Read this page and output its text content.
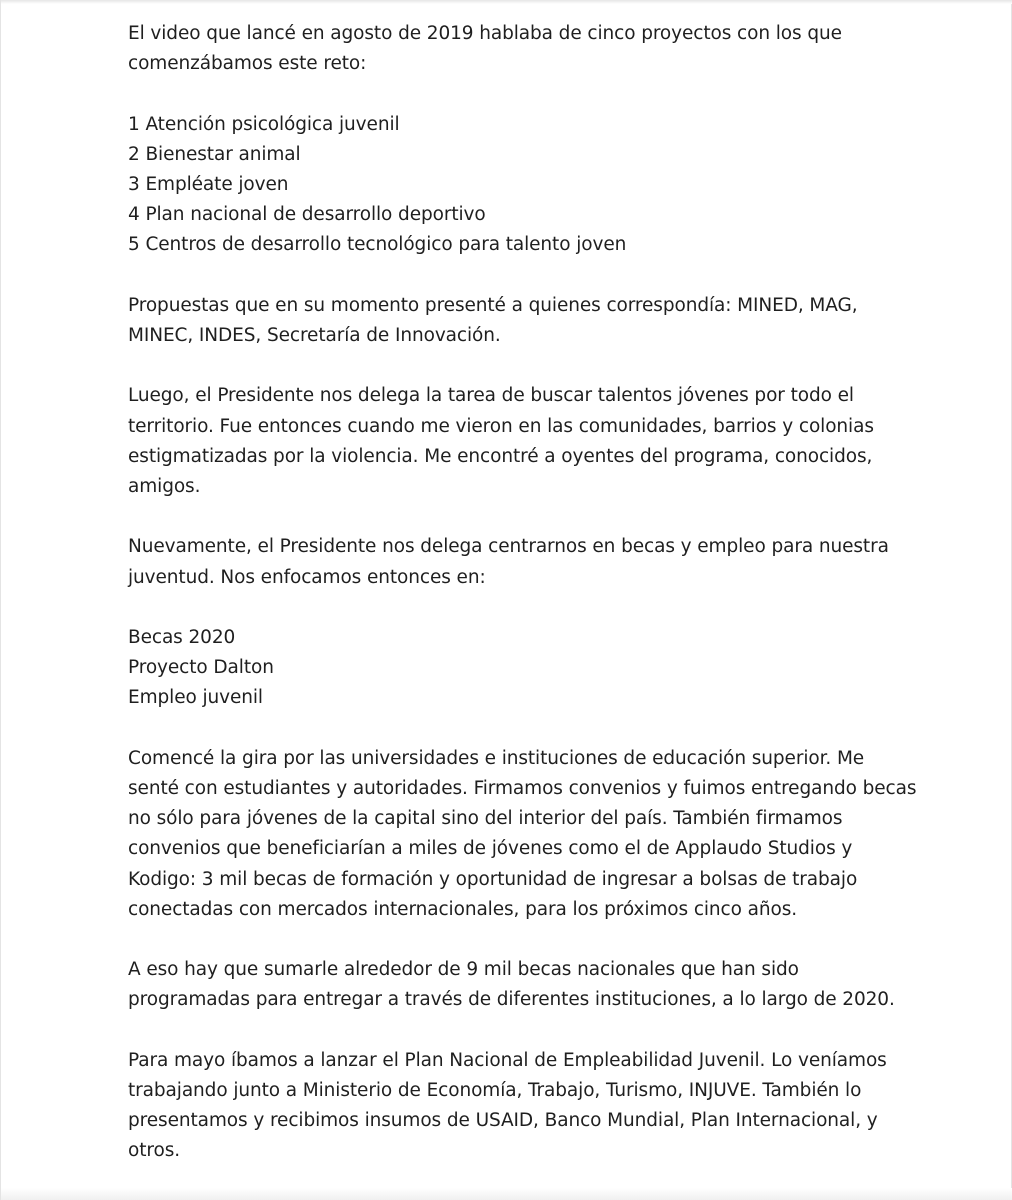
El video que lancé en agosto de 2019 hablaba de cinco proyectos con los que
comenzábamos este reto:

1 Atención psicológica juvenil
2 Bienestar animal
3 Empléate joven
4 Plan nacional de desarrollo deportivo
5 Centros de desarrollo tecnológico para talento joven

Propuestas que en su momento presenté a quienes correspondía: MINED, MAG,
MINEC, INDES, Secretaría de Innovación.

Luego, el Presidente nos delega la tarea de buscar talentos jóvenes por todo el
territorio. Fue entonces cuando me vieron en las comunidades, barrios y colonias
estigmatizadas por la violencia. Me encontré a oyentes del programa, conocidos,
amigos.

Nuevamente, el Presidente nos delega centrarnos en becas y empleo para nuestra
juventud. Nos enfocamos entonces en:

Becas 2020
Proyecto Dalton
Empleo juvenil

Comencé la gira por las universidades e instituciones de educación superior. Me
senté con estudiantes y autoridades. Firmamos convenios y fuimos entregando becas
no sólo para jóvenes de la capital sino del interior del país. También firmamos
convenios que beneficiarían a miles de jóvenes como el de Applaudo Studios y
Kodigo: 3 mil becas de formación y oportunidad de ingresar a bolsas de trabajo
conectadas con mercados internacionales, para los próximos cinco años.

A eso hay que sumarle alrededor de 9 mil becas nacionales que han sido
programadas para entregar a través de diferentes instituciones, a lo largo de 2020.

Para mayo íbamos a lanzar el Plan Nacional de Empleabilidad Juvenil. Lo veníamos
trabajando junto a Ministerio de Economía, Trabajo, Turismo, INJUVE. También lo
presentamos y recibimos insumos de USAID, Banco Mundial, Plan Internacional, y
otros.
